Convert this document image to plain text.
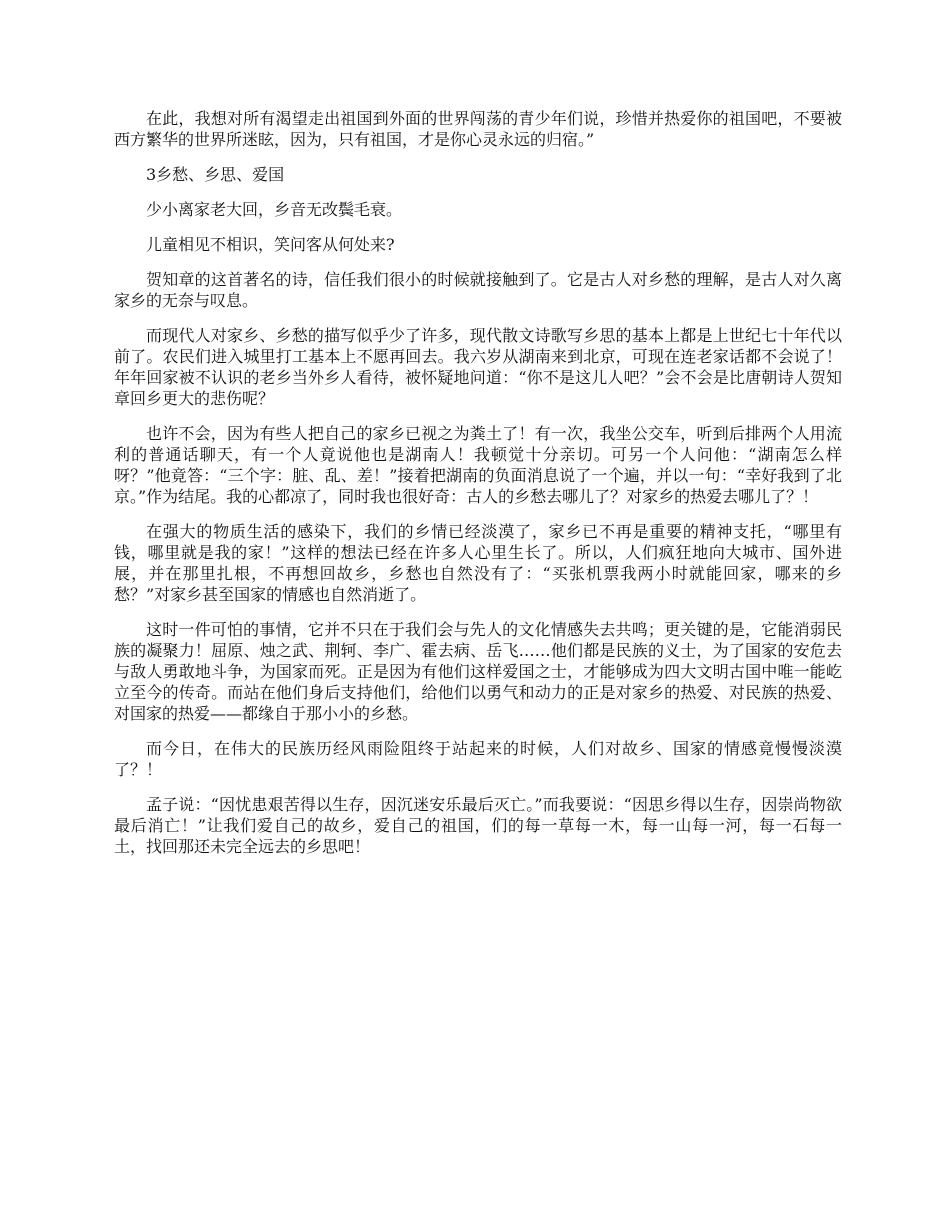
在此，我想对所有渴望走出祖国到外面的世界闯荡的青少年们说，珍惜并热爱你的祖国吧，不要被西方繁华的世界所迷眩，因为，只有祖国，才是你心灵永远的归宿。”

3乡愁、乡思、爱国

少小离家老大回，乡音无改鬓毛衰。

儿童相见不相识，笑问客从何处来?

贺知章的这首著名的诗，信任我们很小的时候就接触到了。它是古人对乡愁的理解，是古人对久离家乡的无奈与叹息。

而现代人对家乡、乡愁的描写似乎少了许多，现代散文诗歌写乡思的基本上都是上世纪七十年代以前了。农民们进入城里打工基本上不愿再回去。我六岁从湖南来到北京，可现在连老家话都不会说了！年年回家被不认识的老乡当外乡人看待，被怀疑地问道：“你不是这儿人吧？”会不会是比唐朝诗人贺知章回乡更大的悲伤呢？

也许不会，因为有些人把自己的家乡已视之为粪土了！有一次，我坐公交车，听到后排两个人用流利的普通话聊天，有一个人竟说他也是湖南人！我顿觉十分亲切。可另一个人问他：“湖南怎么样呀？”他竟答：“三个字：脏、乱、差！”接着把湖南的负面消息说了一个遍，并以一句：“幸好我到了北京。”作为结尾。我的心都凉了，同时我也很好奇：古人的乡愁去哪儿了？对家乡的热爱去哪儿了？！

在强大的物质生活的感染下，我们的乡情已经淡漠了，家乡已不再是重要的精神支托，“哪里有钱，哪里就是我的家！”这样的想法已经在许多人心里生长了。所以，人们疯狂地向大城市、国外进展，并在那里扎根，不再想回故乡，乡愁也自然没有了：“买张机票我两小时就能回家，哪来的乡愁？”对家乡甚至国家的情感也自然消逝了。

这时一件可怕的事情，它并不只在于我们会与先人的文化情感失去共鸣；更关键的是，它能消弱民族的凝聚力！屈原、烛之武、荆轲、李广、霍去病、岳飞……他们都是民族的义士，为了国家的安危去与敌人勇敢地斗争，为国家而死。正是因为有他们这样爱国之士，才能够成为四大文明古国中唯一能屹立至今的传奇。而站在他们身后支持他们，给他们以勇气和动力的正是对家乡的热爱、对民族的热爱、对国家的热爱——都缘自于那小小的乡愁。

而今日，在伟大的民族历经风雨险阻终于站起来的时候，人们对故乡、国家的情感竟慢慢淡漠了？！

孟子说：“因忧患艰苦得以生存，因沉迷安乐最后灭亡。”而我要说：“因思乡得以生存，因崇尚物欲最后消亡！”让我们爱自己的故乡，爱自己的祖国，们的每一草每一木，每一山每一河，每一石每一土，找回那还未完全远去的乡思吧！
